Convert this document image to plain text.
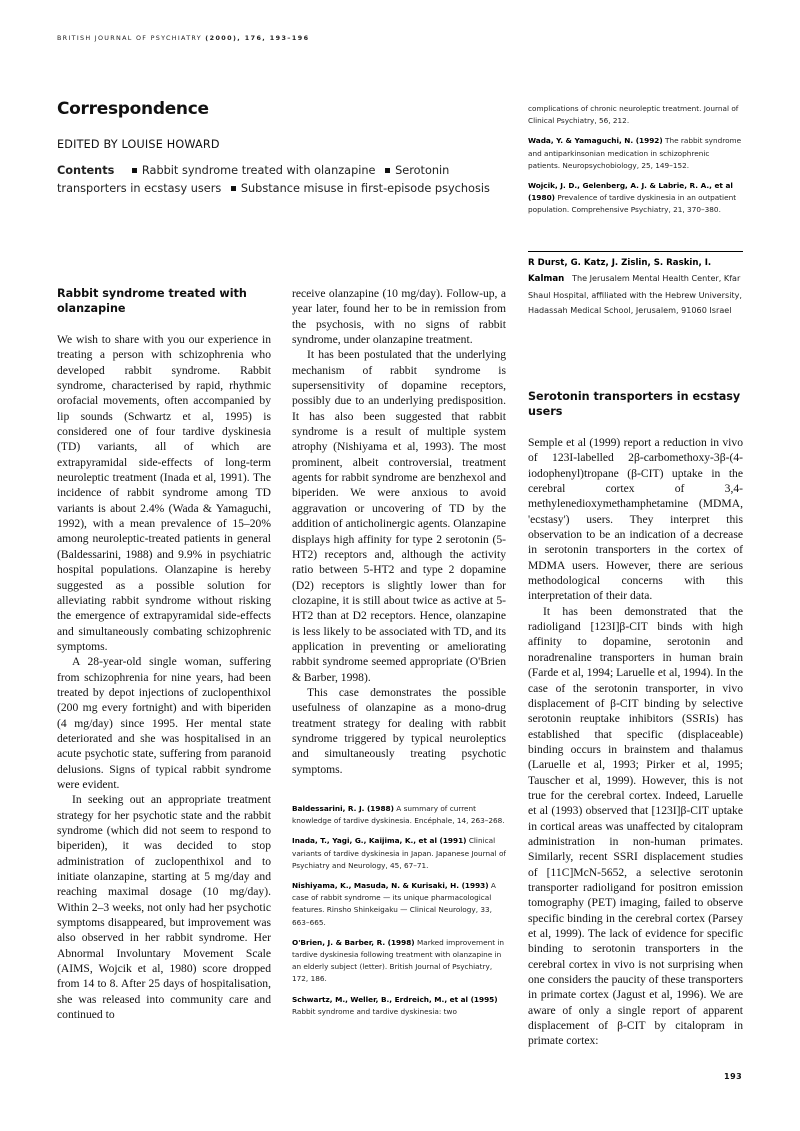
BRITISH JOURNAL OF PSYCHIATRY (2000), 176, 193–196
Correspondence
EDITED BY LOUISE HOWARD
Contents Rabbit syndrome treated with olanzapine Serotonin transporters in ecstasy users Substance misuse in first-episode psychosis
Rabbit syndrome treated with olanzapine

We wish to share with you our experience in treating a person with schizophrenia who developed rabbit syndrome. Rabbit syndrome, characterised by rapid, rhythmic orofacial movements, often accompanied by lip sounds (Schwartz et al, 1995) is considered one of four tardive dyskinesia (TD) variants, all of which are extrapyramidal side-effects of long-term neuroleptic treatment (Inada et al, 1991). The incidence of rabbit syndrome among TD variants is about 2.4% (Wada & Yamaguchi, 1992), with a mean prevalence of 15–20% among neuroleptic-treated patients in general (Baldessarini, 1988) and 9.9% in psychiatric hospital populations. Olanzapine is hereby suggested as a possible solution for alleviating rabbit syndrome without risking the emergence of extrapyramidal side-effects and simultaneously combating schizophrenic symptoms.

A 28-year-old single woman, suffering from schizophrenia for nine years, had been treated by depot injections of zuclopenthixol (200 mg every fortnight) and with biperiden (4 mg/day) since 1995. Her mental state deteriorated and she was hospitalised in an acute psychotic state, suffering from paranoid delusions. Signs of typical rabbit syndrome were evident.

In seeking out an appropriate treatment strategy for her psychotic state and the rabbit syndrome (which did not seem to respond to biperiden), it was decided to stop administration of zuclopenthixol and to initiate olanzapine, starting at 5 mg/day and reaching maximal dosage (10 mg/day). Within 2–3 weeks, not only had her psychotic symptoms disappeared, but improvement was also observed in her rabbit syndrome. Her Abnormal Involuntary Movement Scale (AIMS, Wojcik et al, 1980) score dropped from 14 to 8. After 25 days of hospitalisation, she was released into community care and continued to

receive olanzapine (10 mg/day). Follow-up, a year later, found her to be in remission from the psychosis, with no signs of rabbit syndrome, under olanzapine treatment.

It has been postulated that the underlying mechanism of rabbit syndrome is supersensitivity of dopamine receptors, possibly due to an underlying predisposition. It has also been suggested that rabbit syndrome is a result of multiple system atrophy (Nishiyama et al, 1993). The most prominent, albeit controversial, treatment agents for rabbit syndrome are benzhexol and biperiden. We were anxious to avoid aggravation or uncovering of TD by the addition of anticholinergic agents. Olanzapine displays high affinity for type 2 serotonin (5-HT2) receptors and, although the activity ratio between 5-HT2 and type 2 dopamine (D2) receptors is slightly lower than for clozapine, it is still about twice as active at 5-HT2 than at D2 receptors. Hence, olanzapine is less likely to be associated with TD, and its application in preventing or ameliorating rabbit syndrome seemed appropriate (O'Brien & Barber, 1998).

This case demonstrates the possible usefulness of olanzapine as a mono-drug treatment strategy for dealing with rabbit syndrome triggered by typical neuroleptics and simultaneously treating psychotic symptoms.

Baldessarini, R. J. (1988) A summary of current knowledge of tardive dyskinesia. Encéphale, 14, 263–268.
Inada, T., Yagi, G., Kaijima, K., et al (1991) Clinical variants of tardive dyskinesia in Japan. Japanese Journal of Psychiatry and Neurology, 45, 67–71.
Nishiyama, K., Masuda, N. & Kurisaki, H. (1993) A case of rabbit syndrome — its unique pharmacological features. Rinsho Shinkeigaku — Clinical Neurology, 33, 663–665.
O'Brien, J. & Barber, R. (1998) Marked improvement in tardive dyskinesia following treatment with olanzapine in an elderly subject (letter). British Journal of Psychiatry, 172, 186.
Schwartz, M., Weller, B., Erdreich, M., et al (1995) Rabbit syndrome and tardive dyskinesia: two
complications of chronic neuroleptic treatment. Journal of Clinical Psychiatry, 56, 212.
Wada, Y. & Yamaguchi, N. (1992) The rabbit syndrome and antiparkinsonian medication in schizophrenic patients. Neuropsychobiology, 25, 149–152.
Wojcik, J. D., Gelenberg, A. J. & Labrie, R. A., et al (1980) Prevalence of tardive dyskinesia in an outpatient population. Comprehensive Psychiatry, 21, 370–380.
R Durst, G. Katz, J. Zislin, S. Raskin, I. Kalman The Jerusalem Mental Health Center, Kfar Shaul Hospital, affiliated with the Hebrew University, Hadassah Medical School, Jerusalem, 91060 Israel
Serotonin transporters in ecstasy users

Semple et al (1999) report a reduction in vivo of 123I-labelled 2β-carbomethoxy-3β-(4-iodophenyl)tropane (β-CIT) uptake in the cerebral cortex of 3,4-methylenedioxymethamphetamine (MDMA, 'ecstasy') users. They interpret this observation to be an indication of a decrease in serotonin transporters in the cortex of MDMA users. However, there are serious methodological concerns with this interpretation of their data.

It has been demonstrated that the radioligand [123I]β-CIT binds with high affinity to dopamine, serotonin and noradrenaline transporters in human brain (Farde et al, 1994; Laruelle et al, 1994). In the case of the serotonin transporter, in vivo displacement of β-CIT binding by selective serotonin reuptake inhibitors (SSRIs) has established that specific (displaceable) binding occurs in brainstem and thalamus (Laruelle et al, 1993; Pirker et al, 1995; Tauscher et al, 1999). However, this is not true for the cerebral cortex. Indeed, Laruelle et al (1993) observed that [123I]β-CIT uptake in cortical areas was unaffected by citalopram administration in non-human primates. Similarly, recent SSRI displacement studies of [11C]McN-5652, a selective serotonin transporter radioligand for positron emission tomography (PET) imaging, failed to observe specific binding in the cerebral cortex (Parsey et al, 1999). The lack of evidence for specific binding to serotonin transporters in the cerebral cortex in vivo is not surprising when one considers the paucity of these transporters in primate cortex (Jagust et al, 1996). We are aware of only a single report of apparent displacement of β-CIT by citalopram in primate cortex:

193
